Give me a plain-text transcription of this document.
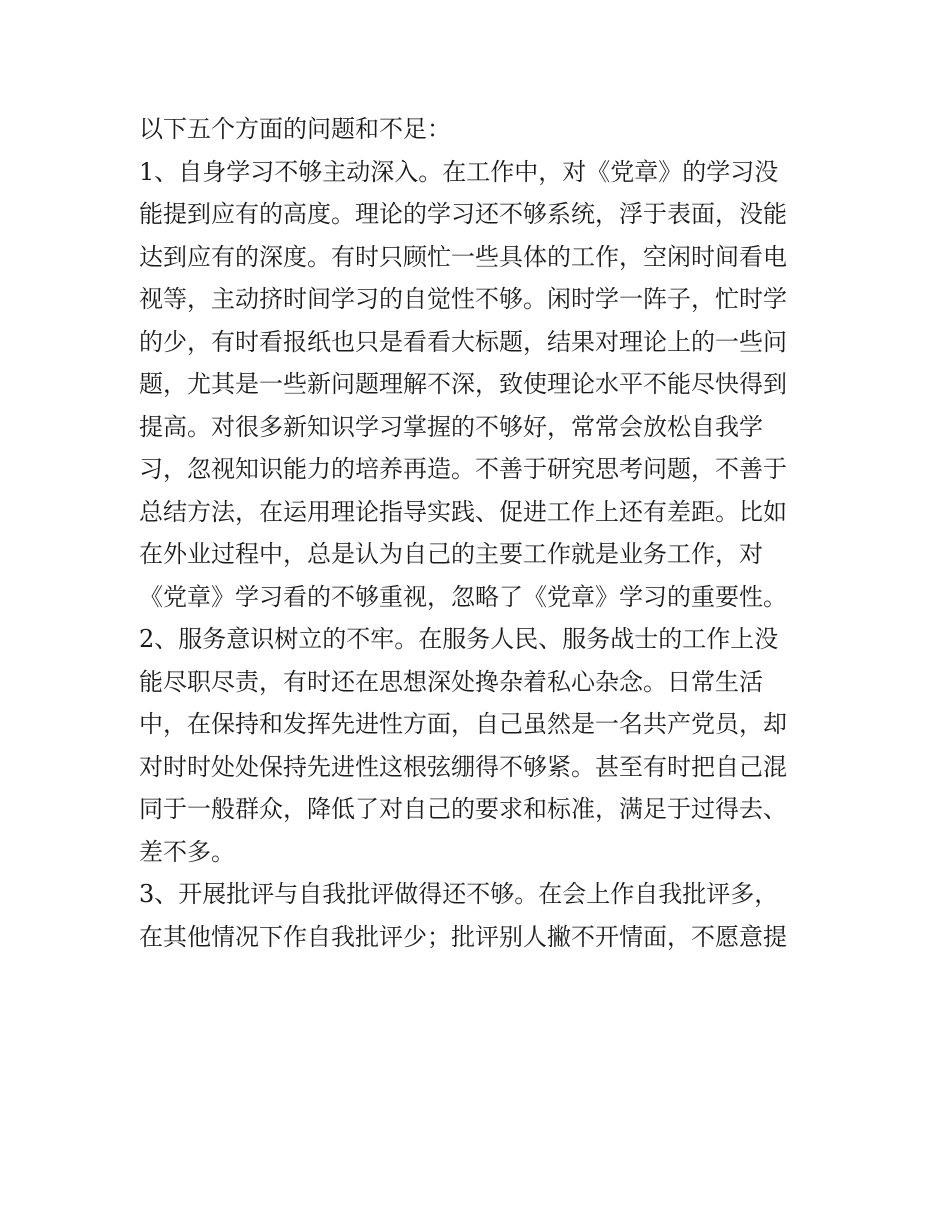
以下五个方面的问题和不足：
1、自身学习不够主动深入。在工作中，对《党章》的学习没
能提到应有的高度。理论的学习还不够系统，浮于表面，没能
达到应有的深度。有时只顾忙一些具体的工作，空闲时间看电
视等，主动挤时间学习的自觉性不够。闲时学一阵子，忙时学
的少，有时看报纸也只是看看大标题，结果对理论上的一些问
题，尤其是一些新问题理解不深，致使理论水平不能尽快得到
提高。对很多新知识学习掌握的不够好，常常会放松自我学
习，忽视知识能力的培养再造。不善于研究思考问题，不善于
总结方法，在运用理论指导实践、促进工作上还有差距。比如
在外业过程中，总是认为自己的主要工作就是业务工作，对
《党章》学习看的不够重视，忽略了《党章》学习的重要性。
2、服务意识树立的不牢。在服务人民、服务战士的工作上没
能尽职尽责，有时还在思想深处搀杂着私心杂念。日常生活
中，在保持和发挥先进性方面，自己虽然是一名共产党员，却
对时时处处保持先进性这根弦绷得不够紧。甚至有时把自己混
同于一般群众，降低了对自己的要求和标准，满足于过得去、
差不多。
3、开展批评与自我批评做得还不够。在会上作自我批评多，
在其他情况下作自我批评少；批评别人撇不开情面，不愿意提
